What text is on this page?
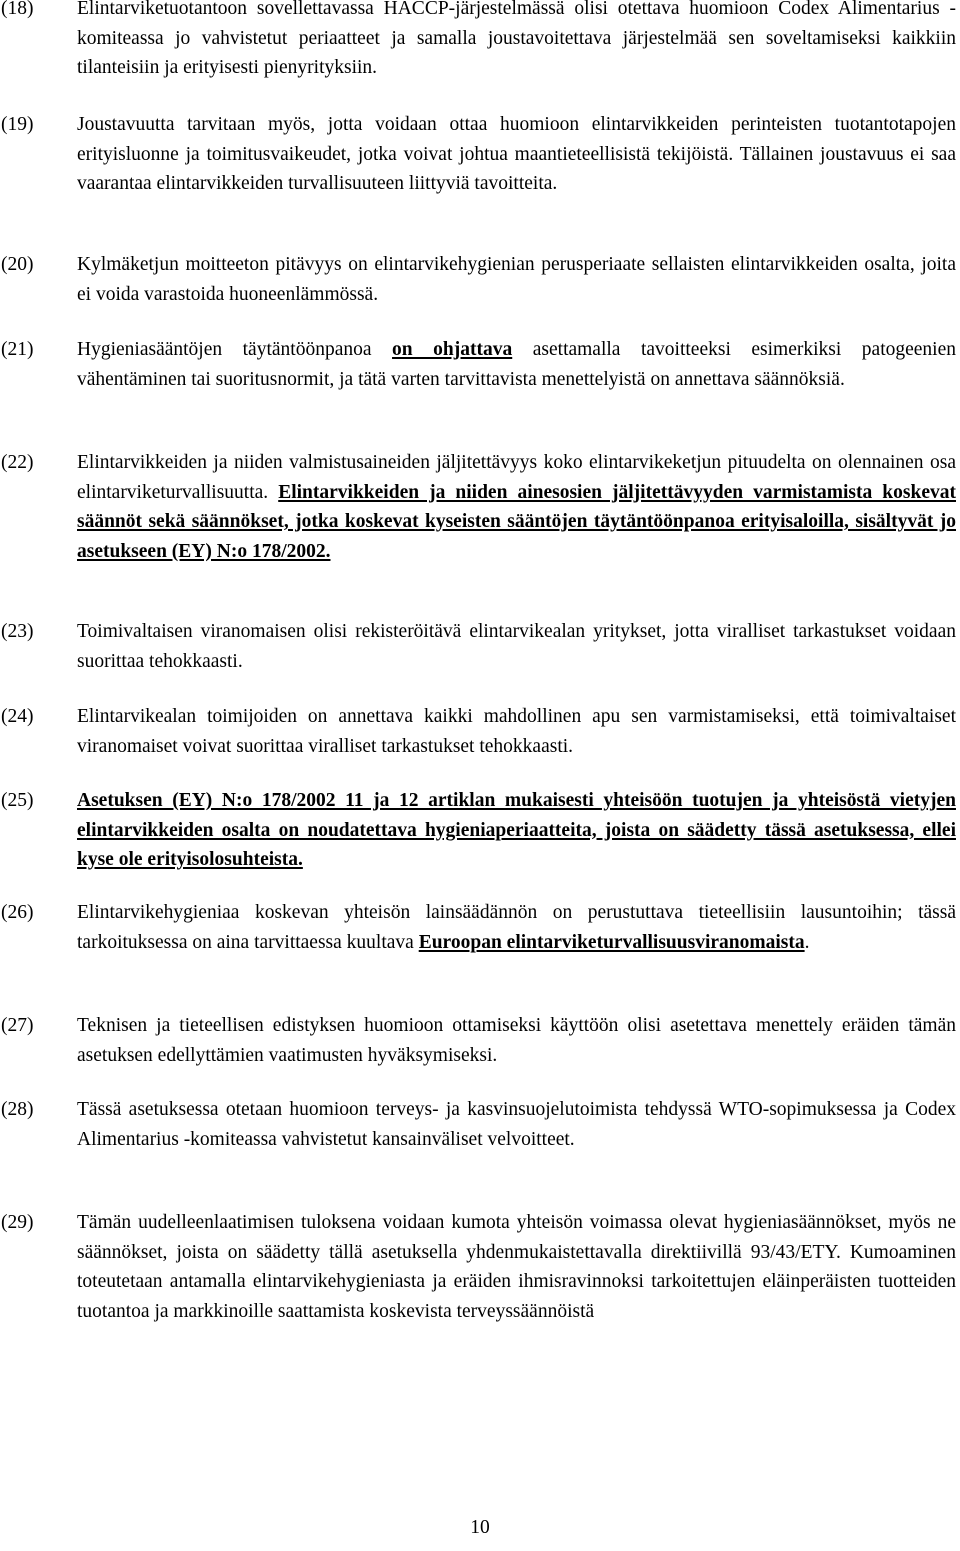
(18) Elintarviketuotantoon sovellettavassa HACCP-järjestelmässä olisi otettava huomioon Codex Alimentarius -komiteassa jo vahvistetut periaatteet ja samalla joustavoitettava järjestelmää sen soveltamiseksi kaikkiin tilanteisiin ja erityisesti pienyrityksiin.
(19) Joustavuutta tarvitaan myös, jotta voidaan ottaa huomioon elintarvikkeiden perinteisten tuotantotapojen erityisluonne ja toimitusvaikeudet, jotka voivat johtua maantieteellisistä tekijöistä. Tällainen joustavuus ei saa vaarantaa elintarvikkeiden turvallisuuteen liittyviä tavoitteita.
(20) Kylmäketjun moitteeton pitävyys on elintarvikehygienian perusperiaate sellaisten elintarvikkeiden osalta, joita ei voida varastoida huoneenlämmössä.
(21) Hygieniasääntöjen täytäntöönpanoa on ohjattava asettamalla tavoitteeksi esimerkiksi patogeenien vähentäminen tai suoritusnormit, ja tätä varten tarvittavista menettelyistä on annettava säännöksiä.
(22) Elintarvikkeiden ja niiden valmistusaineiden jäljitettävyys koko elintarvikeketjun pituudelta on olennainen osa elintarviketurvallisuutta. Elintarvikkeiden ja niiden ainesosien jäljitettävyyden varmistamista koskevat säännöt sekä säännökset, jotka koskevat kyseisten sääntöjen täytäntöönpanoa erityisaloilla, sisältyvät jo asetukseen (EY) N:o 178/2002.
(23) Toimivaltaisen viranomaisen olisi rekisteröitävä elintarvikealan yritykset, jotta viralliset tarkastukset voidaan suorittaa tehokkaasti.
(24) Elintarvikealan toimijoiden on annettava kaikki mahdollinen apu sen varmistamiseksi, että toimivaltaiset viranomaiset voivat suorittaa viralliset tarkastukset tehokkaasti.
(25) Asetuksen (EY) N:o 178/2002 11 ja 12 artiklan mukaisesti yhteisöön tuotujen ja yhteisöstä vietyjen elintarvikkeiden osalta on noudatettava hygieniaperiaatteita, joista on säädetty tässä asetuksessa, ellei kyse ole erityisolosuhteista.
(26) Elintarvikehygieniaa koskevan yhteisön lainsäädännön on perustuttava tieteellisiin lausuntoihin; tässä tarkoituksessa on aina tarvittaessa kuultava Euroopan elintarviketurvallisuusviranomaista.
(27) Teknisen ja tieteellisen edistyksen huomioon ottamiseksi käyttöön olisi asetettava menettely eräiden tämän asetuksen edellyttämien vaatimusten hyväksymiseksi.
(28) Tässä asetuksessa otetaan huomioon terveys- ja kasvinsuojelutoimista tehdyssä WTO-sopimuksessa ja Codex Alimentarius -komiteassa vahvistetut kansainväliset velvoitteet.
(29) Tämän uudelleenlaatimisen tuloksena voidaan kumota yhteisön voimassa olevat hygieniasäännökset, myös ne säännökset, joista on säädetty tällä asetuksella yhdenmukaistettavalla direktiivillä 93/43/ETY. Kumoaminen toteutetaan antamalla elintarvikehygieniasta ja eräiden ihmisravinnoksi tarkoitettujen eläinperäisten tuotteiden tuotantoa ja markkinoille saattamista koskevista terveyssäännöistä
10
